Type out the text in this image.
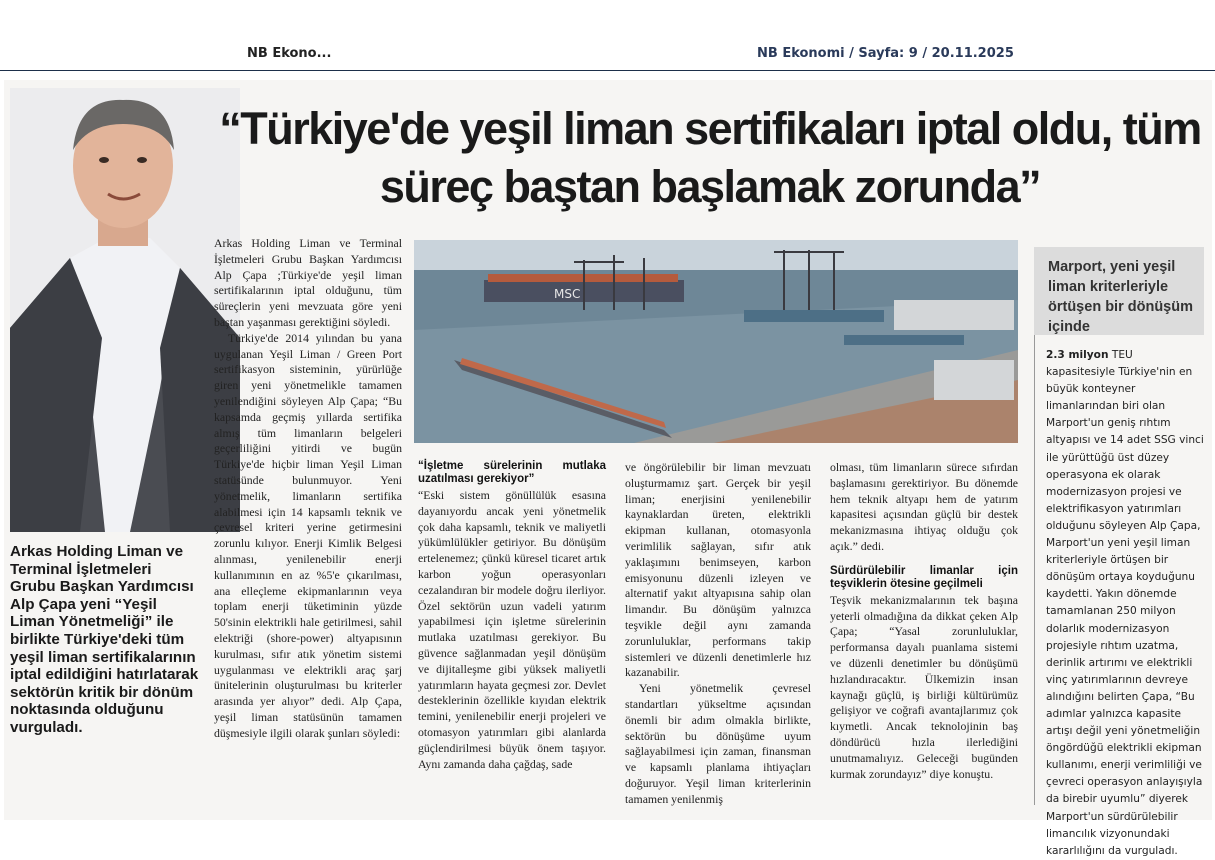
NB Ekono...	NB Ekonomi / Sayfa: 9 / 20.11.2025
“Türkiye'de yeşil liman sertifikaları iptal oldu, tüm süreç baştan başlamak zorunda”

Arkas Holding Liman ve Terminal İşletmeleri Grubu Başkan Yardımcısı Alp Çapa ;Türkiye'de yeşil liman sertifikalarının iptal olduğunu, tüm süreçlerin yeni mevzuata göre yeni baştan yaşanması gerektiğini söyledi.

Türkiye'de 2014 yılından bu yana uygulanan Yeşil Liman / Green Port sertifikasyon sisteminin, yürürlüğe giren yeni yönetmelikle tamamen yenilendiğini söyleyen Alp Çapa; “Bu kapsamda geçmiş yıllarda sertifika almış tüm limanların belgeleri geçerliliğini yitirdi ve bugün Türkiye'de hiçbir liman Yeşil Liman statüsünde bulunmuyor. Yeni yönetmelik, limanların sertifika alabilmesi için 14 kapsamlı teknik ve çevresel kriteri yerine getirmesini zorunlu kılıyor. Enerji Kimlik Belgesi alınması, yenilenebilir enerji kullanımının en az %5'e çıkarılması, ana elleçleme ekipmanlarının veya toplam enerji tüketiminin yüzde 50'sinin elektrikli hale getirilmesi, sahil elektriği (shore-power) altyapısının kurulması, sıfır atık yönetim sistemi uygulanması ve elektrikli araç şarj ünitelerinin oluşturulması bu kriterler arasında yer alıyor” dedi. Alp Çapa, yeşil liman statüsünün tamamen düşmesiyle ilgili olarak şunları söyledi:

Arkas Holding Liman ve Terminal İşletmeleri Grubu Başkan Yardımcısı Alp Çapa yeni “Yeşil Liman Yönetmeliği” ile birlikte Türkiye'deki tüm yeşil liman sertifikalarının iptal edildiğini hatırlatarak sektörün kritik bir dönüm noktasında olduğunu vurguladı.
MSC
“İşletme sürelerinin mutlaka uzatılması gerekiyor”

“Eski sistem gönüllülük esasına dayanıyordu ancak yeni yönetmelik çok daha kapsamlı, teknik ve maliyetli yükümlülükler getiriyor. Bu dönüşüm ertelenemez; çünkü küresel ticaret artık karbon yoğun operasyonları cezalandıran bir modele doğru ilerliyor. Özel sektörün uzun vadeli yatırım yapabilmesi için işletme sürelerinin mutlaka uzatılması gerekiyor. Bu güvence sağlanmadan yeşil dönüşüm ve dijitalleşme gibi yüksek maliyetli yatırımların hayata geçmesi zor. Devlet desteklerinin özellikle kıyıdan elektrik temini, yenilenebilir enerji projeleri ve otomasyon yatırımları gibi alanlarda güçlendirilmesi büyük önem taşıyor. Aynı zamanda daha çağdaş, sade

ve öngörülebilir bir liman mevzuatı oluşturmamız şart. Gerçek bir yeşil liman; enerjisini yenilenebilir kaynaklardan üreten, elektrikli ekipman kullanan, otomasyonla verimlilik sağlayan, sıfır atık yaklaşımını benimseyen, karbon emisyonunu düzenli izleyen ve alternatif yakıt altyapısına sahip olan limandır. Bu dönüşüm yalnızca teşvikle değil aynı zamanda zorunluluklar, performans takip sistemleri ve düzenli denetimlerle hız kazanabilir.

Yeni yönetmelik çevresel standartları yükseltme açısından önemli bir adım olmakla birlikte, sektörün bu dönüşüme uyum sağlayabilmesi için zaman, finansman ve kapsamlı planlama ihtiyaçları doğuruyor. Yeşil liman kriterlerinin tamamen yenilenmiş

olması, tüm limanların sürece sıfırdan başlamasını gerektiriyor. Bu dönemde hem teknik altyapı hem de yatırım kapasitesi açısından güçlü bir destek mekanizmasına ihtiyaç olduğu çok açık.” dedi.

Sürdürülebilir limanlar için teşviklerin ötesine geçilmeli

Teşvik mekanizmalarının tek başına yeterli olmadığına da dikkat çeken Alp Çapa; “Yasal zorunluluklar, performansa dayalı puanlama sistemi ve düzenli denetimler bu dönüşümü hızlandıracaktır. Ülkemizin insan kaynağı güçlü, iş birliği kültürümüz gelişiyor ve coğrafi avantajlarımız çok kıymetli. Ancak teknolojinin baş döndürücü hızla ilerlediğini unutmamalıyız. Geleceği bugünden kurmak zorundayız” diye konuştu.

Marport, yeni yeşil liman kriterleriyle örtüşen bir dönüşüm içinde
2.3 milyon TEU kapasitesiyle Türkiye'nin en büyük konteyner limanlarından biri olan Marport'un geniş rıhtım altyapısı ve 14 adet SSG vinci ile yürüttüğü üst düzey operasyona ek olarak modernizasyon projesi ve elektrifikasyon yatırımları olduğunu söyleyen Alp Çapa, Marport'un yeni yeşil liman kriterleriyle örtüşen bir dönüşüm ortaya koyduğunu kaydetti. Yakın dönemde tamamlanan 250 milyon dolarlık modernizasyon projesiyle rıhtım uzatma, derinlik artırımı ve elektrikli vinç yatırımlarının devreye alındığını belirten Çapa, “Bu adımlar yalnızca kapasite artışı değil yeni yönetmeliğin öngördüğü elektrikli ekipman kullanımı, enerji verimliliği ve çevreci operasyon anlayışıyla da birebir uyumlu” diyerek Marport'un sürdürülebilir limancılık vizyonundaki kararlılığını da vurguladı.
